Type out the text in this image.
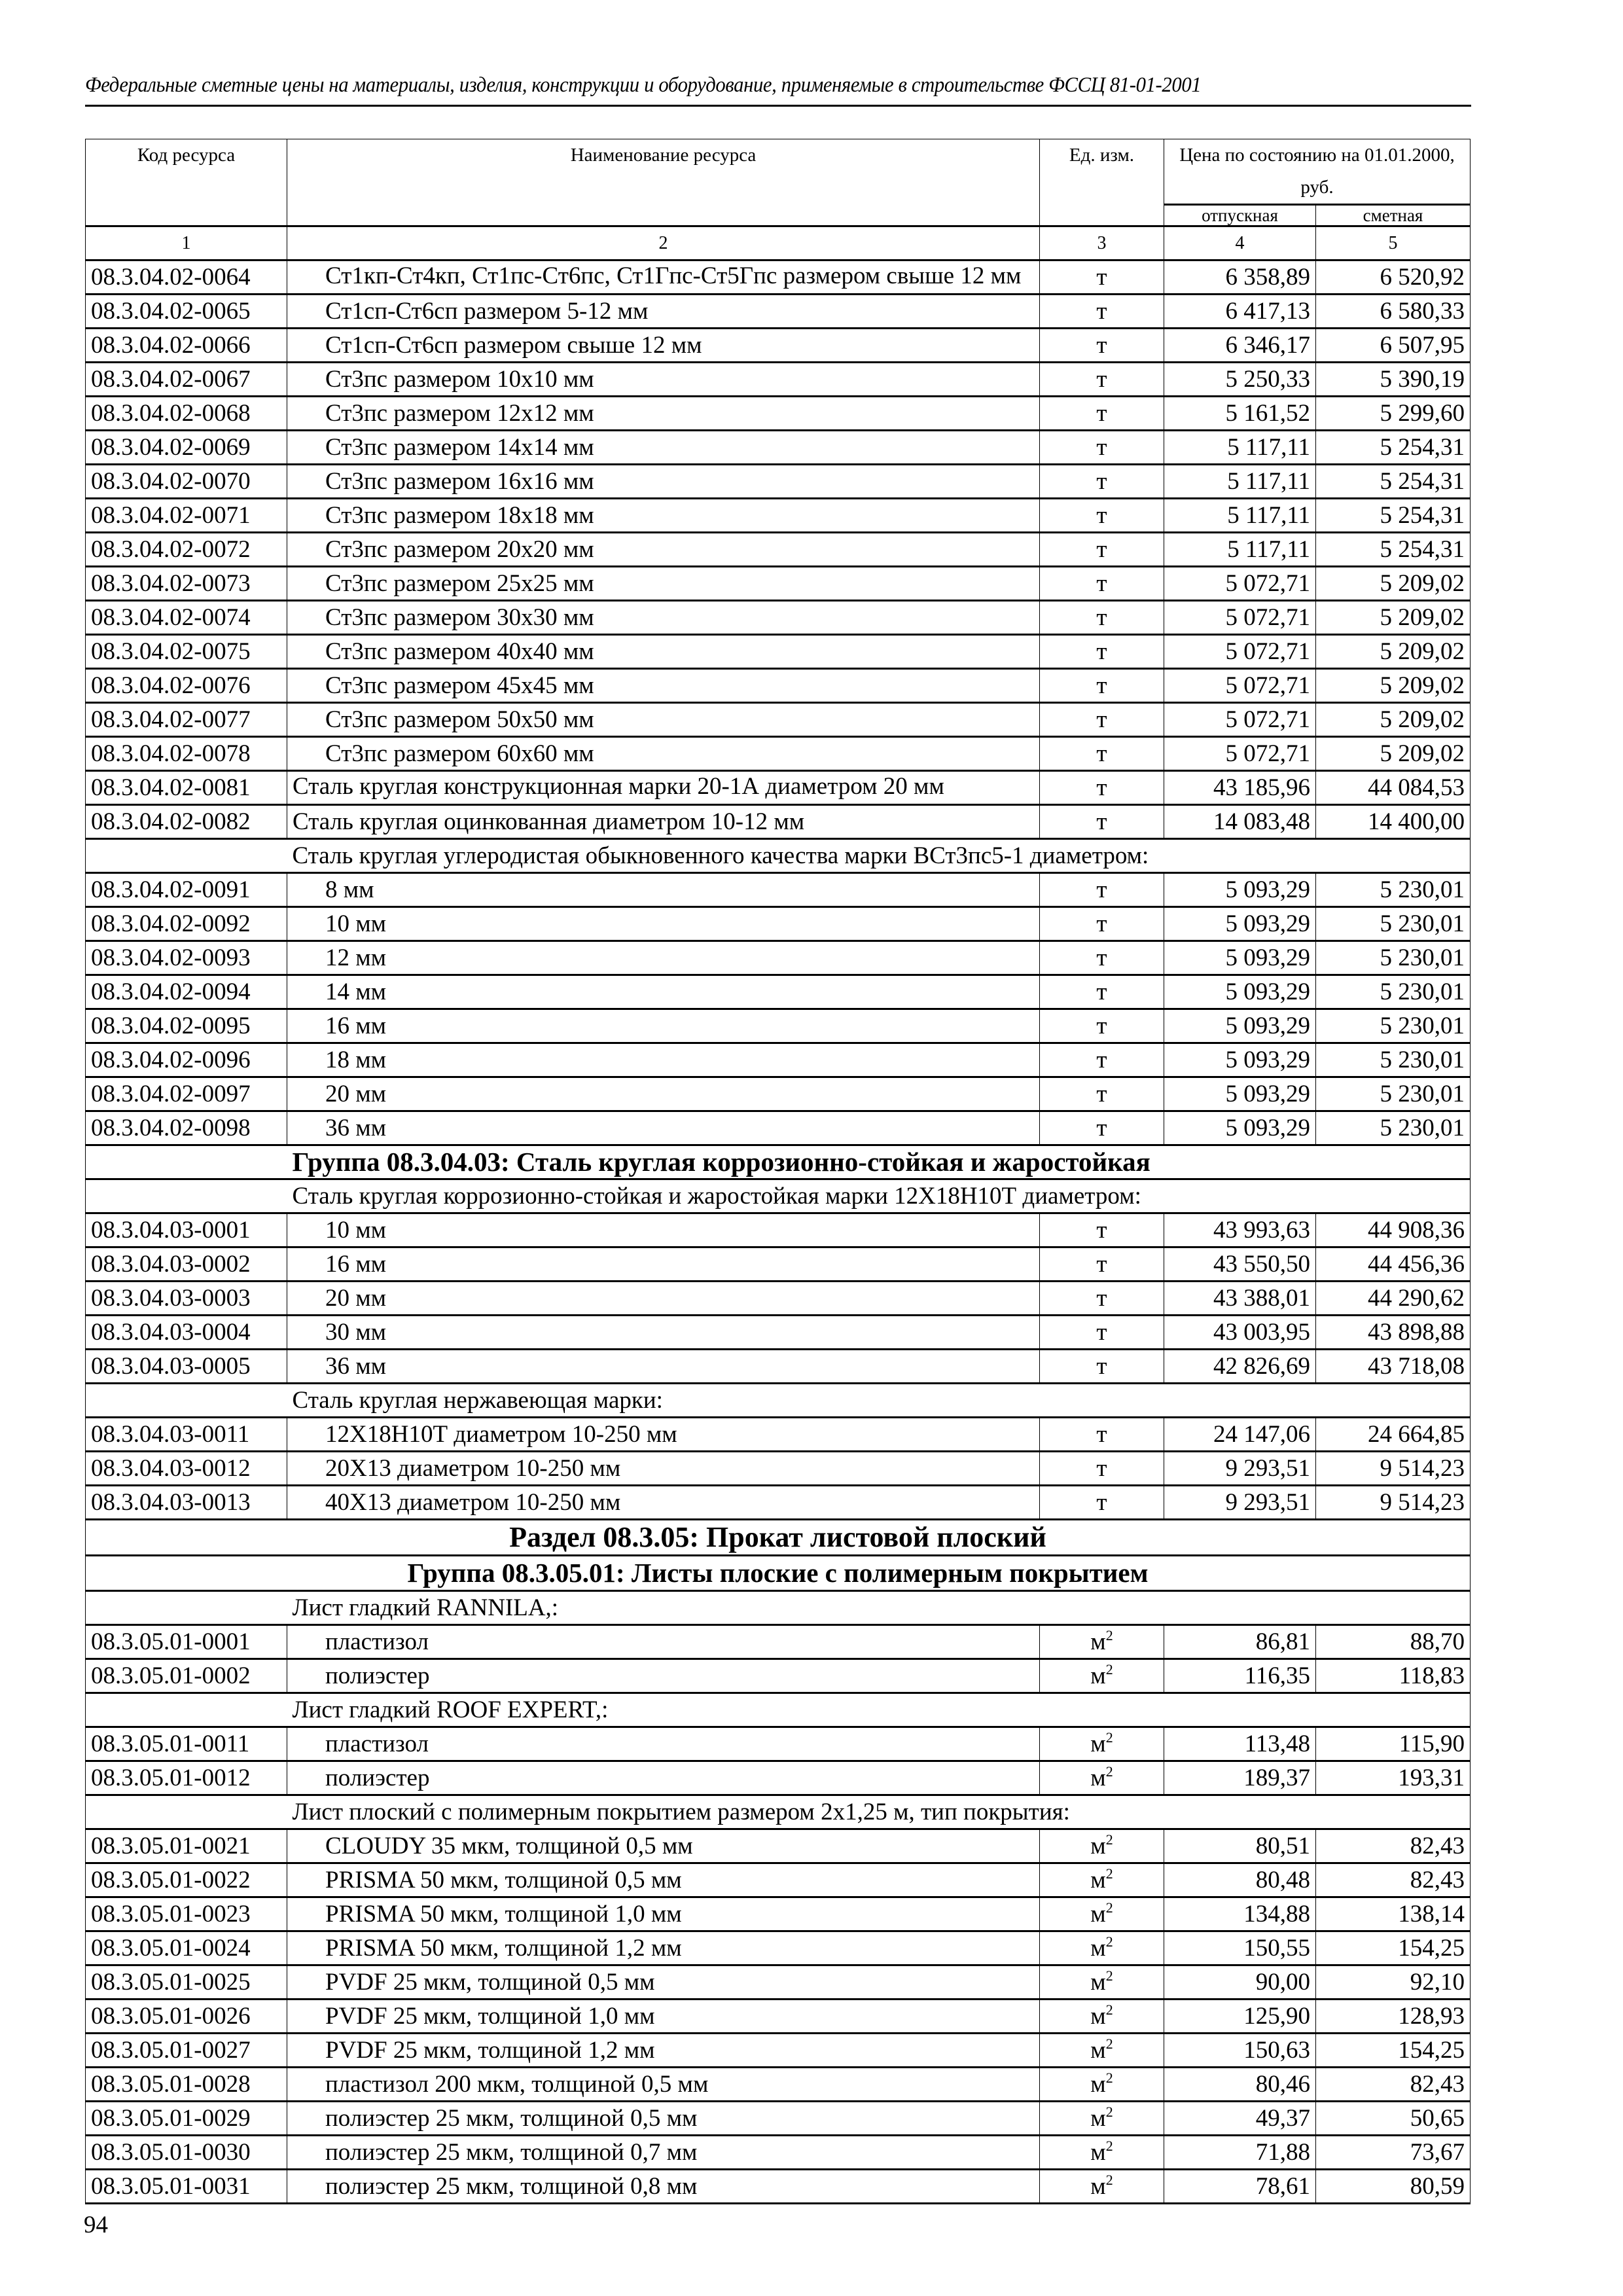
Федеральные сметные цены на материалы, изделия, конструкции и оборудование, применяемые в строительстве ФССЦ 81-01-2001
Код ресурса	Наименование ресурса	Ед. изм.	Цена по состоянию на 01.01.2000, руб.	
			отпускная	сметная
1	2	3	4	5
08.3.04.02-0064	Ст1кп-Ст4кп, Ст1пс-Ст6пс, Ст1Гпс-Ст5Гпс размером свыше 12 мм	т	6 358,89	6 520,92
08.3.04.02-0065	Ст1сп-Ст6сп размером 5-12 мм	т	6 417,13	6 580,33
08.3.04.02-0066	Ст1сп-Ст6сп размером свыше 12 мм	т	6 346,17	6 507,95
08.3.04.02-0067	Ст3пс размером 10х10 мм	т	5 250,33	5 390,19
08.3.04.02-0068	Ст3пс размером 12х12 мм	т	5 161,52	5 299,60
08.3.04.02-0069	Ст3пс размером 14х14 мм	т	5 117,11	5 254,31
08.3.04.02-0070	Ст3пс размером 16х16 мм	т	5 117,11	5 254,31
08.3.04.02-0071	Ст3пс размером 18х18 мм	т	5 117,11	5 254,31
08.3.04.02-0072	Ст3пс размером 20х20 мм	т	5 117,11	5 254,31
08.3.04.02-0073	Ст3пс размером 25х25 мм	т	5 072,71	5 209,02
08.3.04.02-0074	Ст3пс размером 30х30 мм	т	5 072,71	5 209,02
08.3.04.02-0075	Ст3пс размером 40х40 мм	т	5 072,71	5 209,02
08.3.04.02-0076	Ст3пс размером 45х45 мм	т	5 072,71	5 209,02
08.3.04.02-0077	Ст3пс размером 50х50 мм	т	5 072,71	5 209,02
08.3.04.02-0078	Ст3пс размером 60х60 мм	т	5 072,71	5 209,02
08.3.04.02-0081	Сталь круглая конструкционная марки 20-1А диаметром 20 мм	т	43 185,96	44 084,53
08.3.04.02-0082	Сталь круглая оцинкованная диаметром 10-12 мм	т	14 083,48	14 400,00
	Сталь круглая углеродистая обыкновенного качества марки ВСт3пс5-1 диаметром:			
08.3.04.02-0091	8 мм	т	5 093,29	5 230,01
08.3.04.02-0092	10 мм	т	5 093,29	5 230,01
08.3.04.02-0093	12 мм	т	5 093,29	5 230,01
08.3.04.02-0094	14 мм	т	5 093,29	5 230,01
08.3.04.02-0095	16 мм	т	5 093,29	5 230,01
08.3.04.02-0096	18 мм	т	5 093,29	5 230,01
08.3.04.02-0097	20 мм	т	5 093,29	5 230,01
08.3.04.02-0098	36 мм	т	5 093,29	5 230,01
	Группа 08.3.04.03: Сталь круглая коррозионно-стойкая и жаростойкая			
	Сталь круглая коррозионно-стойкая и жаростойкая марки 12Х18Н10Т диаметром:			
08.3.04.03-0001	10 мм	т	43 993,63	44 908,36
08.3.04.03-0002	16 мм	т	43 550,50	44 456,36
08.3.04.03-0003	20 мм	т	43 388,01	44 290,62
08.3.04.03-0004	30 мм	т	43 003,95	43 898,88
08.3.04.03-0005	36 мм	т	42 826,69	43 718,08
	Сталь круглая нержавеющая марки:			
08.3.04.03-0011	12Х18Н10Т диаметром 10-250 мм	т	24 147,06	24 664,85
08.3.04.03-0012	20Х13 диаметром 10-250 мм	т	9 293,51	9 514,23
08.3.04.03-0013	40Х13 диаметром 10-250 мм	т	9 293,51	9 514,23
Раздел 08.3.05: Прокат листовой плоский				
Группа 08.3.05.01: Листы плоские с полимерным покрытием				
	Лист гладкий RANNILA,:			
08.3.05.01-0001	пластизол	$м^2$	86,81	88,70
08.3.05.01-0002	полиэстер	$м^2$	116,35	118,83
	Лист гладкий ROOF EXPERT,:			
08.3.05.01-0011	пластизол	$м^2$	113,48	115,90
08.3.05.01-0012	полиэстер	$м^2$	189,37	193,31
	Лист плоский с полимерным покрытием размером 2х1,25 м, тип покрытия:			
08.3.05.01-0021	CLOUDY 35 мкм, толщиной 0,5 мм	$м^2$	80,51	82,43
08.3.05.01-0022	PRISMA 50 мкм, толщиной 0,5 мм	$м^2$	80,48	82,43
08.3.05.01-0023	PRISMA 50 мкм, толщиной 1,0 мм	$м^2$	134,88	138,14
08.3.05.01-0024	PRISMA 50 мкм, толщиной 1,2 мм	$м^2$	150,55	154,25
08.3.05.01-0025	PVDF 25 мкм, толщиной 0,5 мм	$м^2$	90,00	92,10
08.3.05.01-0026	PVDF 25 мкм, толщиной 1,0 мм	$м^2$	125,90	128,93
08.3.05.01-0027	PVDF 25 мкм, толщиной 1,2 мм	$м^2$	150,63	154,25
08.3.05.01-0028	пластизол 200 мкм, толщиной 0,5 мм	$м^2$	80,46	82,43
08.3.05.01-0029	полиэстер 25 мкм, толщиной 0,5 мм	$м^2$	49,37	50,65
08.3.05.01-0030	полиэстер 25 мкм, толщиной 0,7 мм	$м^2$	71,88	73,67
08.3.05.01-0031	полиэстер 25 мкм, толщиной 0,8 мм	$м^2$	78,61	80,59
94
